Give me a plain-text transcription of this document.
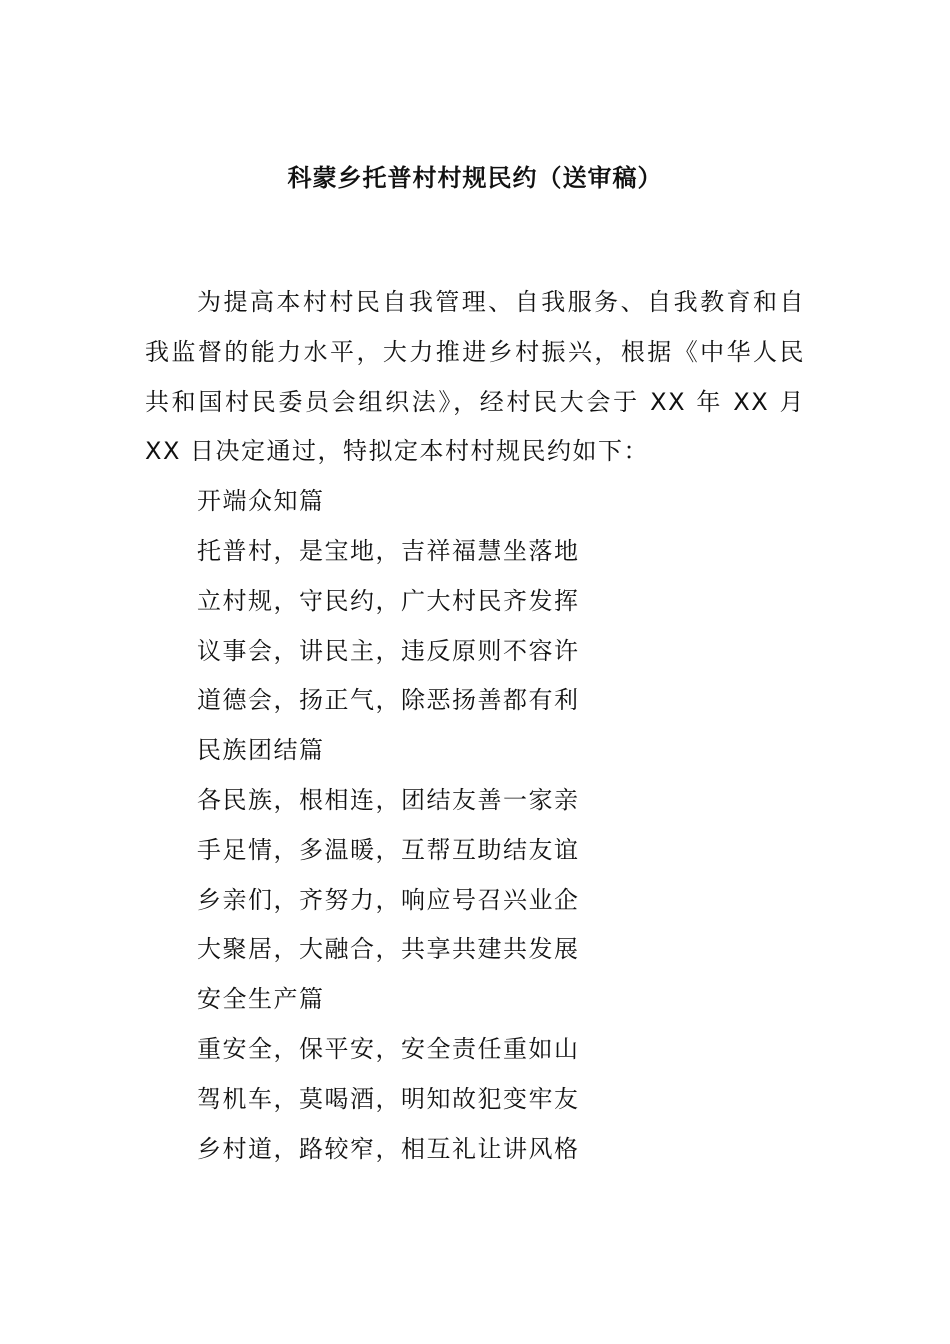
科蒙乡托普村村规民约（送审稿）

为提高本村村民自我管理、自我服务、自我教育和自我监督的能力水平，大力推进乡村振兴，根据《中华人民共和国村民委员会组织法》，经村民大会于 XX 年 XX 月 XX 日决定通过，特拟定本村村规民约如下：

开端众知篇

托普村，是宝地，吉祥福慧坐落地

立村规，守民约，广大村民齐发挥

议事会，讲民主，违反原则不容许

道德会，扬正气，除恶扬善都有利

民族团结篇

各民族，根相连，团结友善一家亲

手足情，多温暖，互帮互助结友谊

乡亲们，齐努力，响应号召兴业企

大聚居，大融合，共享共建共发展

安全生产篇

重安全，保平安，安全责任重如山

驾机车，莫喝酒，明知故犯变牢友

乡村道，路较窄，相互礼让讲风格
